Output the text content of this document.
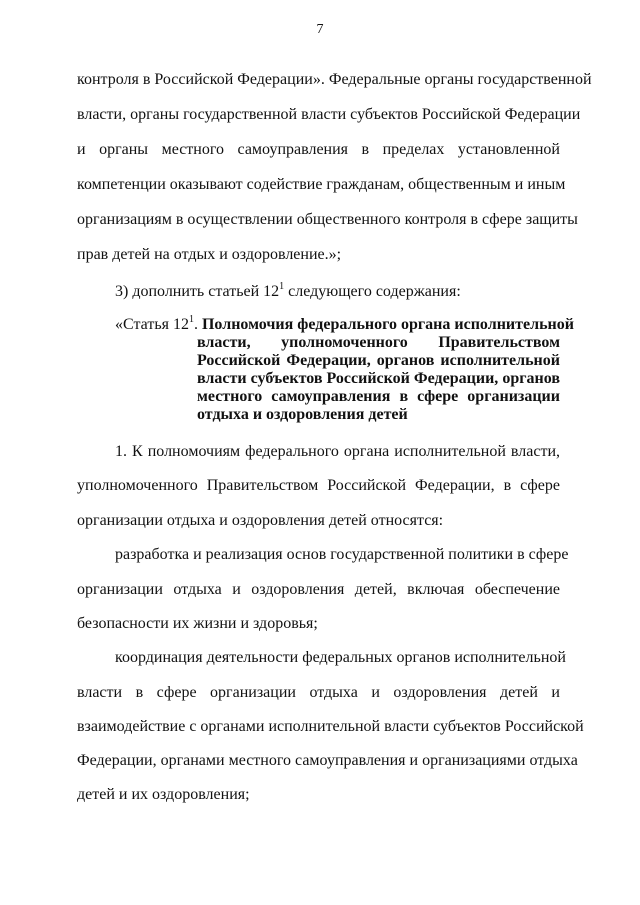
7
контроля в Российской Федерации». Федеральные органы государственной
власти, органы государственной власти субъектов Российской Федерации
и органы местного самоуправления в пределах установленной
компетенции оказывают содействие гражданам, общественным и иным
организациям в осуществлении общественного контроля в сфере защиты
прав детей на отдых и оздоровление.»;
3) дополнить статьей $12^1$ следующего содержания:
«Статья $12^1$. Полномочия федерального органа исполнительной
власти, уполномоченного Правительством
Российской Федерации, органов исполнительной
власти субъектов Российской Федерации, органов
местного самоуправления в сфере организации
отдыха и оздоровления детей
1. К полномочиям федерального органа исполнительной власти,
уполномоченного Правительством Российской Федерации, в сфере
организации отдыха и оздоровления детей относятся:
разработка и реализация основ государственной политики в сфере
организации отдыха и оздоровления детей, включая обеспечение
безопасности их жизни и здоровья;
координация деятельности федеральных органов исполнительной
власти в сфере организации отдыха и оздоровления детей и
взаимодействие с органами исполнительной власти субъектов Российской
Федерации, органами местного самоуправления и организациями отдыха
детей и их оздоровления;
